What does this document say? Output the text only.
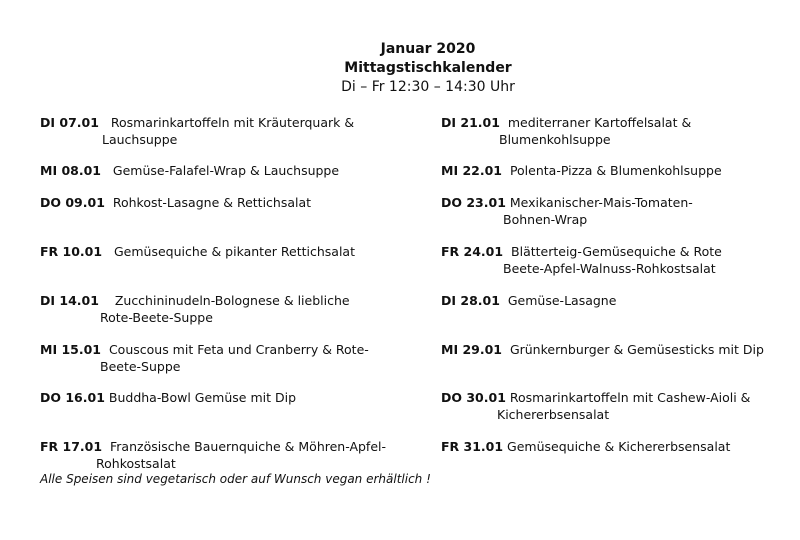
Januar 2020
Mittagstischkalender
Di – Fr 12:30 – 14:30 Uhr
DI 07.01 Rosmarinkartoffeln mit Kräuterquark &
Lauchsuppe
MI 08.01 Gemüse-Falafel-Wrap & Lauchsuppe
DO 09.01 Rohkost-Lasagne & Rettichsalat
FR 10.01 Gemüsequiche & pikanter Rettichsalat
DI 14.01 Zucchininudeln-Bolognese & liebliche
Rote-Beete-Suppe
MI 15.01 Couscous mit Feta und Cranberry & Rote-
Beete-Suppe
DO 16.01 Buddha-Bowl Gemüse mit Dip
FR 17.01 Französische Bauernquiche & Möhren-Apfel-
Rohkostsalat
DI 21.01 mediterraner Kartoffelsalat &
Blumenkohlsuppe
MI 22.01 Polenta-Pizza & Blumenkohlsuppe
DO 23.01 Mexikanischer-Mais-Tomaten-
Bohnen-Wrap
FR 24.01 Blätterteig-Gemüsequiche & Rote
Beete-Apfel-Walnuss-Rohkostsalat
DI 28.01 Gemüse-Lasagne
MI 29.01 Grünkernburger & Gemüsesticks mit Dip
DO 30.01 Rosmarinkartoffeln mit Cashew-Aioli &
Kichererbsensalat
FR 31.01 Gemüsequiche & Kichererbsensalat
Alle Speisen sind vegetarisch oder auf Wunsch vegan erhältlich !
